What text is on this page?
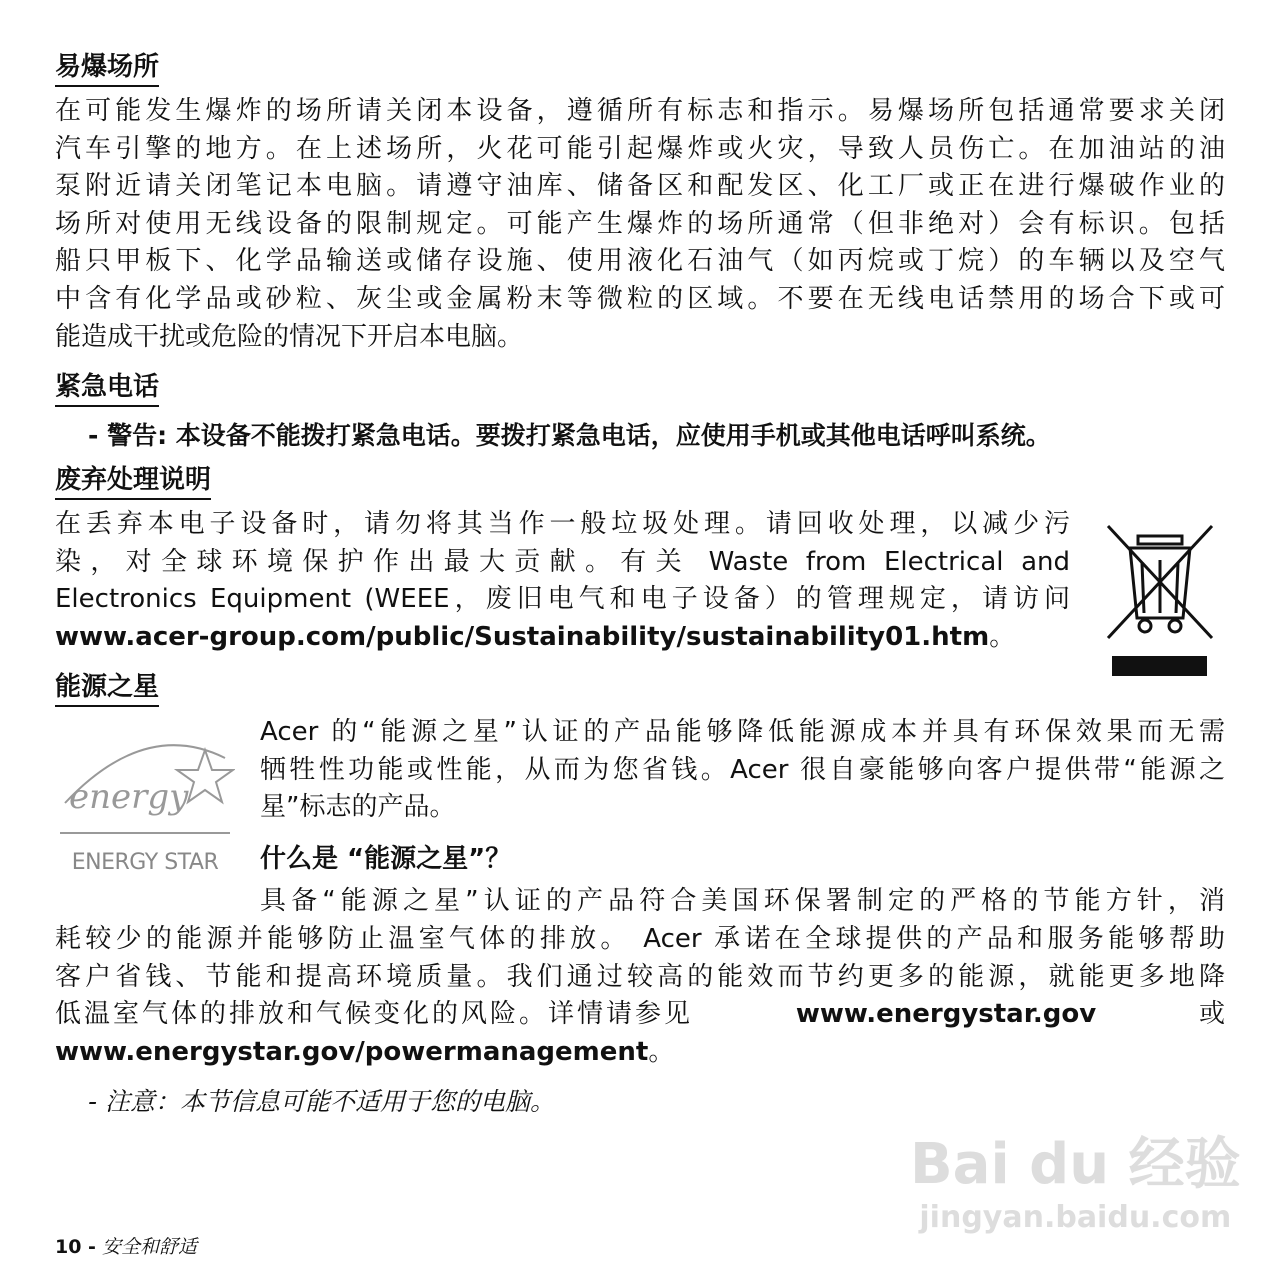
易爆场所
在可能发生爆炸的场所请关闭本设备，遵循所有标志和指示。易爆场所包括通常要求关闭
汽车引擎的地方。在上述场所，火花可能引起爆炸或火灾，导致人员伤亡。在加油站的油
泵附近请关闭笔记本电脑。请遵守油库、储备区和配发区、化工厂或正在进行爆破作业的
场所对使用无线设备的限制规定。可能产生爆炸的场所通常（但非绝对）会有标识。包括
船只甲板下、化学品输送或储存设施、使用液化石油气（如丙烷或丁烷）的车辆以及空气
中含有化学品或砂粒、灰尘或金属粉末等微粒的区域。不要在无线电话禁用的场合下或可
能造成干扰或危险的情况下开启本电脑。
紧急电话
- 警告: 本设备不能拨打紧急电话。要拨打紧急电话，应使用手机或其他电话呼叫系统。
废弃处理说明
在丢弃本电子设备时，请勿将其当作一般垃圾处理。请回收处理，以减少污
染，对全球环境保护作出最大贡献。有关 Waste from Electrical and
Electronics Equipment (WEEE，废旧电气和电子设备）的管理规定，请访问
www.acer-group.com/public/Sustainability/sustainability01.htm。
能源之星
energy
ENERGY STAR
Acer 的“能源之星”认证的产品能够降低能源成本并具有环保效果而无需
牺牲性功能或性能，从而为您省钱。Acer 很自豪能够向客户提供带“能源之
星”标志的产品。
什么是 “能源之星”？
具备“能源之星”认证的产品符合美国环保署制定的严格的节能方针，消
耗较少的能源并能够防止温室气体的排放。 Acer 承诺在全球提供的产品和服务能够帮助
客户省钱、节能和提高环境质量。我们通过较高的能效而节约更多的能源，就能更多地降
低温室气体的排放和气候变化的风险。详情请参见	www.energystar.gov	或
www.energystar.gov/powermanagement。
- 注意：本节信息可能不适用于您的电脑。
Bai du 经验
jingyan.baidu.com
10 - 安全和舒适
